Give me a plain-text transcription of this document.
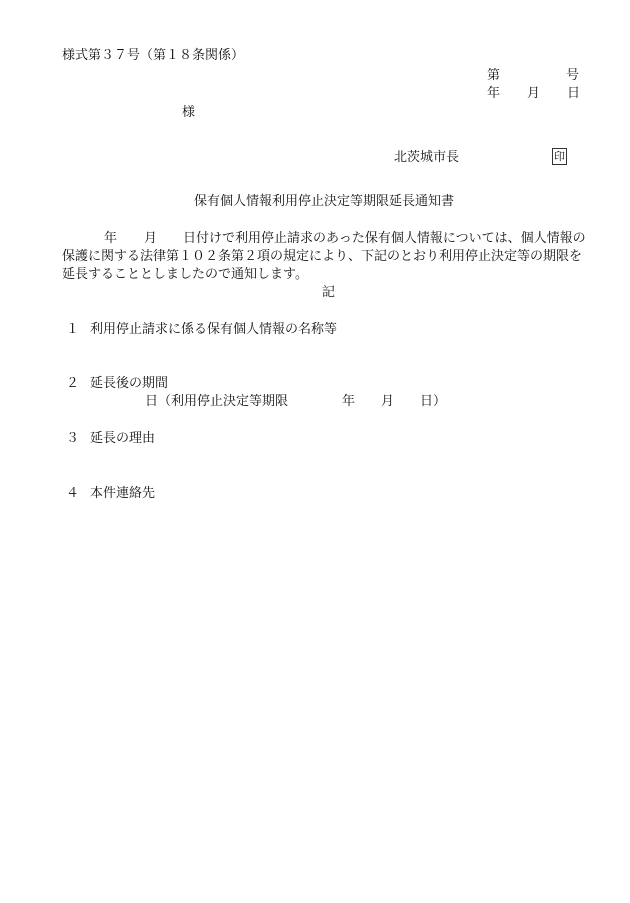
様式第３７号（第１８条関係）
第	号
年 月 日
様
北茨城市長	印
保有個人情報利用停止決定等期限延長通知書
年 月 日付けで利用停止請求のあった保有個人情報については、個人情報の
保護に関する法律第１０２条第２項の規定により、下記のとおり利用停止決定等の期限を
延長することとしましたので通知します。
記
１ 利用停止請求に係る保有個人情報の名称等
２ 延長後の期間
日（利用停止決定等期限	年 月 日）
３ 延長の理由
４ 本件連絡先
